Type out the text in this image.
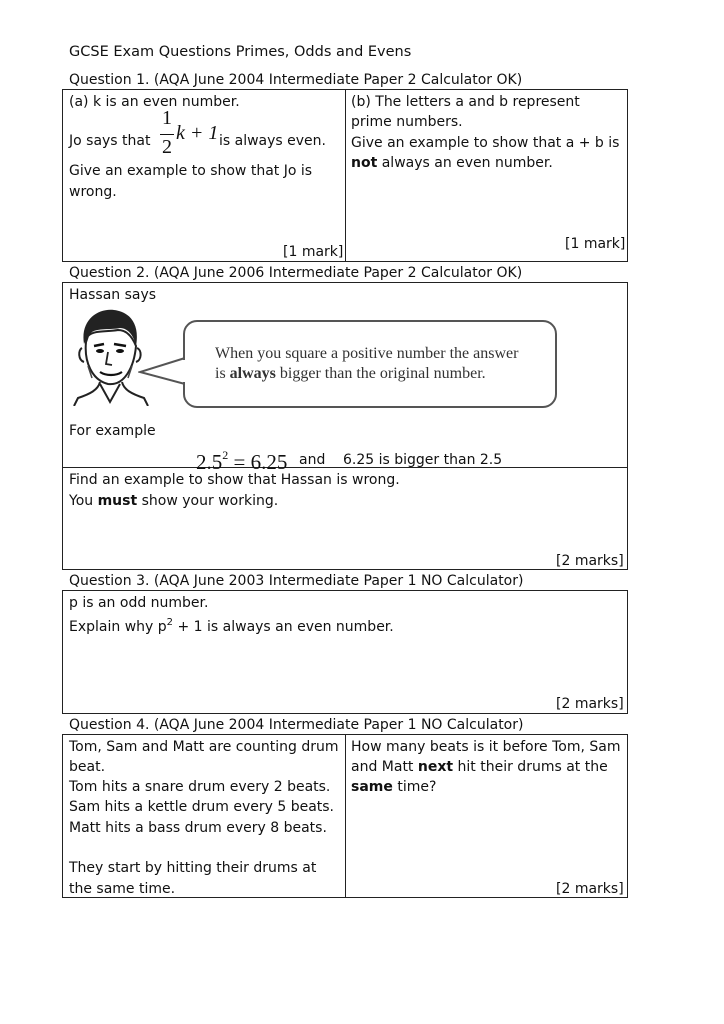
GCSE Exam Questions Primes, Odds and Evens
Question 1. (AQA June 2004 Intermediate Paper 2 Calculator OK)
(a) k is an even number.
Jo says that
1
2
k + 1 is always even.
Give an example to show that Jo is
wrong.
[1 mark]
(b) The letters a and b represent
prime numbers.
Give an example to show that a + b is
not always an even number.
[1 mark]
Question 2. (AQA June 2006 Intermediate Paper 2 Calculator OK)
Hassan says
When you square a positive number the answer
is always bigger than the original number.
For example
$2.5^2 = 6.25$ and 6.25 is bigger than 2.5
Find an example to show that Hassan is wrong.
You must show your working.
[2 marks]
Question 3. (AQA June 2003 Intermediate Paper 1 NO Calculator)
p is an odd number.
Explain why $p^2 + 1$ is always an even number.
[2 marks]
Question 4. (AQA June 2004 Intermediate Paper 1 NO Calculator)
Tom, Sam and Matt are counting drum
beat.
Tom hits a snare drum every 2 beats.
Sam hits a kettle drum every 5 beats.
Matt hits a bass drum every 8 beats.
They start by hitting their drums at
the same time.
How many beats is it before Tom, Sam
and Matt next hit their drums at the
same time?
[2 marks]
